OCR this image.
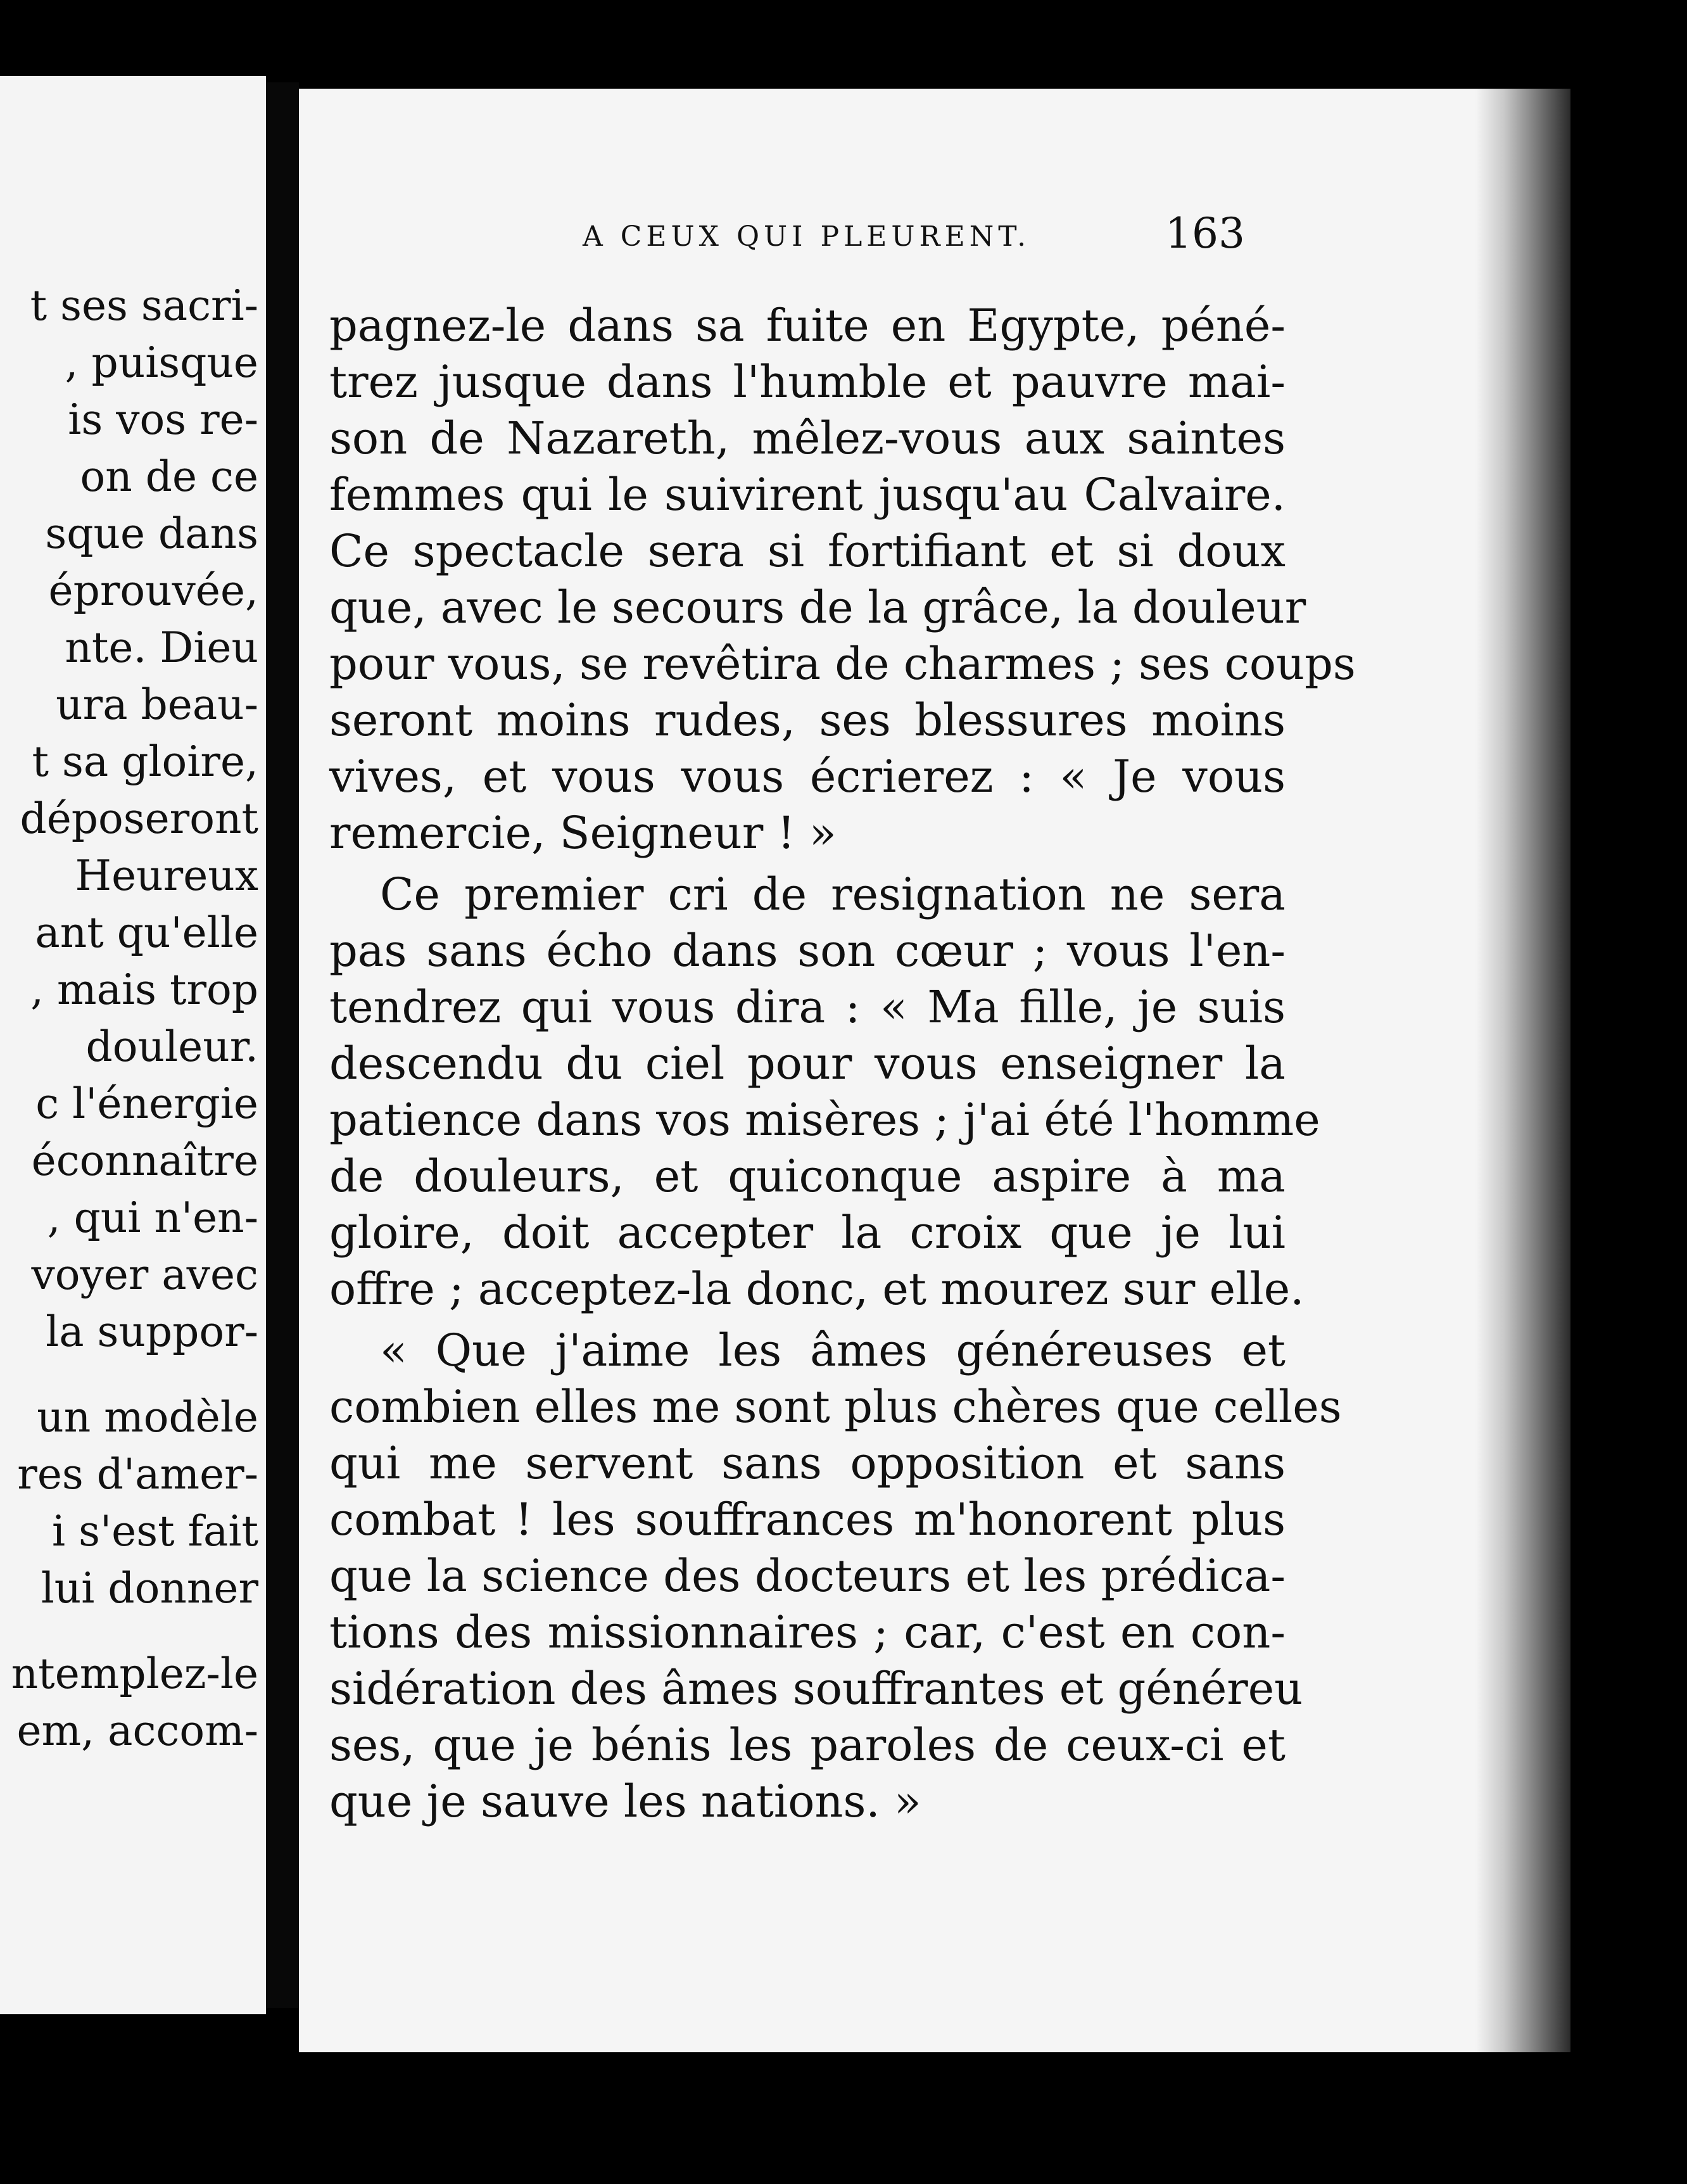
t ses sacri-
, puisque
is vos re-
on de ce
sque dans
éprouvée,
nte. Dieu
ura beau-
t sa gloire,
déposeront
Heureux
ant qu'elle
, mais trop
douleur.
c l'énergie
éconnaître
, qui n'en-
voyer avec
la suppor-
un modèle
res d'amer-
i s'est fait
lui donner
ntemplez-le
em, accom-
A CEUX QUI PLEURENT.	163
pagnez-le dans sa fuite en Egypte, péné-
trez jusque dans l'humble et pauvre mai-
son de Nazareth, mêlez-vous aux saintes
femmes qui le suivirent jusqu'au Calvaire.
Ce spectacle sera si fortifiant et si doux
que, avec le secours de la grâce, la douleur
pour vous, se revêtira de charmes ; ses coups
seront moins rudes, ses blessures moins
vives, et vous vous écrierez : « Je vous
remercie, Seigneur ! »
Ce premier cri de resignation ne sera
pas sans écho dans son cœur ; vous l'en-
tendrez qui vous dira : « Ma fille, je suis
descendu du ciel pour vous enseigner la
patience dans vos misères ; j'ai été l'homme
de douleurs, et quiconque aspire à ma
gloire, doit accepter la croix que je lui
offre ; acceptez-la donc, et mourez sur elle.
« Que j'aime les âmes généreuses et
combien elles me sont plus chères que celles
qui me servent sans opposition et sans
combat ! les souffrances m'honorent plus
que la science des docteurs et les prédica-
tions des missionnaires ; car, c'est en con-
sidération des âmes souffrantes et généreu
ses, que je bénis les paroles de ceux-ci et
que je sauve les nations. »
